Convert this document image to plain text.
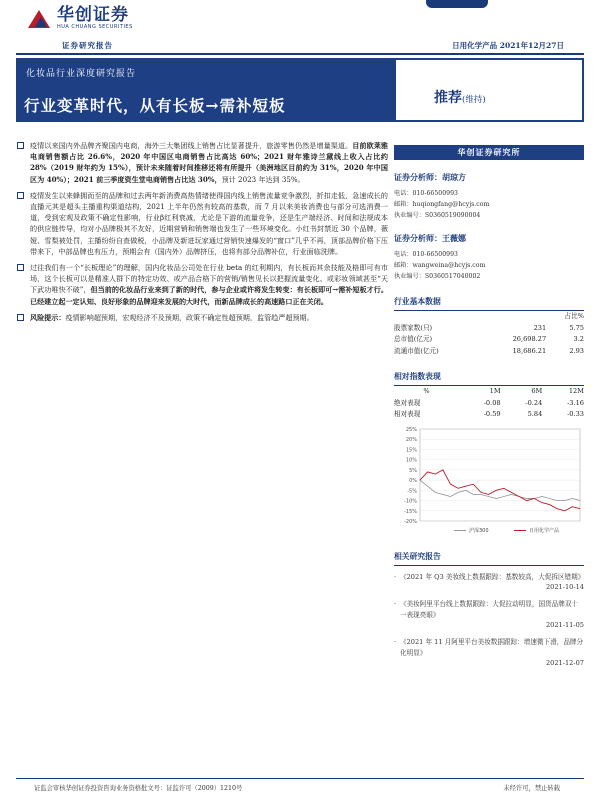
华创证券
HUA CHUANG SECURITIES
证券研究报告	日用化学产品 2021年12月27日
化妆品行业深度研究报告
行业变革时代，从有长板→需补短板	推荐(维持)
疫情以来国内外品牌齐聚国内电商，海外三大集团线上销售占比显著提升，旅游零售仍然是增量渠道。目前欧莱雅电商销售额占比 26.6%，2020 年中国区电商销售占比高达 60%；2021 财年雅诗兰黛线上收入占比约 28%（2019 财年约为 15%），预计未来随着时间推移还将有所提升（美洲地区目前约为 31%，2020 年中国区为 40%）；2021 前三季度资生堂电商销售占比达 30%，预计 2023 年达到 35%。
疫情发生以来蜂拥而至的品牌和过去两年新消费高热情绪使得国内线上销售流量竞争激烈，折扣走低，急速成长的直播元其是超头主播重构渠道结构，2021 上半年仍然有较高的基数，而 7 月以来美妆消费也与部分可选消费一道，受到宏观及政策不确定性影响，行业β红利衰减，尤论是下游的流量竞争，还是生产端经济、时间和法规成本的供应链传导，均对小品牌极其不友好，近期营销和销售端也发生了一些环境变化。小红书封禁近 30 个品牌，薇娅、雪梨被处罚，主播纷纷自查做税，小品牌及新进玩家通过营销快速爆发的“窗口”几乎不再，顶部品牌价格下压带来下，中部品牌也有压力，预期会有（国内外）品牌挤压，也将有部分品牌补位，行业面临洗牌。
过往我们有一个“长板理论”的理解，国内化妆品公司处在行业 beta 的红利期内，有长板而其余技能及格即可有市场，这个长板可以是精准人群下的特定功效、或产品合格下的营销/销售见长以把握流量变化、或彩妆领域甚至“天下武功唯快不破”，但当前的化妆品行业来到了新的时代，参与企业或许将发生转变：有长板即可→需补短板才行。已经建立起一定认知、良好形象的品牌迎来发展的大时代，而新品牌成长的高速路口正在关闭。
风险提示：疫情影响超预期，宏观经济不及预期，政策不确定性超预期，监管趋严超预期。
华创证券研究所
证券分析师：胡琼方
电话：010-66500993
邮箱：huqiongfang@hcyjs.com
执业编号：S0360519090004
证券分析师：王薇娜
电话：010-66500993
邮箱：wangweina@hcyjs.com
执业编号：S0360517040002
行业基本数据
		占比%
股票家数(只)	231	5.75
总市值(亿元)	26,698.27	3.2
流通市值(亿元)	18,686.21	2.93
相对指数表现
%	1M	6M	12M
绝对表现	-0.08	-0.24	-3.16
相对表现	-0.59	5.84	-0.33
25%
20%
15%
10%
5%
0%
-5%
-10%
-15%
-20%
沪深300	日用化学产品
相关研究报告
· 《2021 年 Q3 美妆线上数据跟踪：基数较高，大促拆区错期》
2021-10-14
· 《美妆阿里平台线上数据跟踪：大促拉动明显，国货品牌双十一表现亮眼》
2021-11-05
· 《2021 年 11 月阿里平台美妆数据跟踪：增速微下滑，品牌分化明显》
2021-12-07
证监会审核华创证券投资咨询业务资格批文号：证监许可（2009）1210号	未经许可，禁止转载
